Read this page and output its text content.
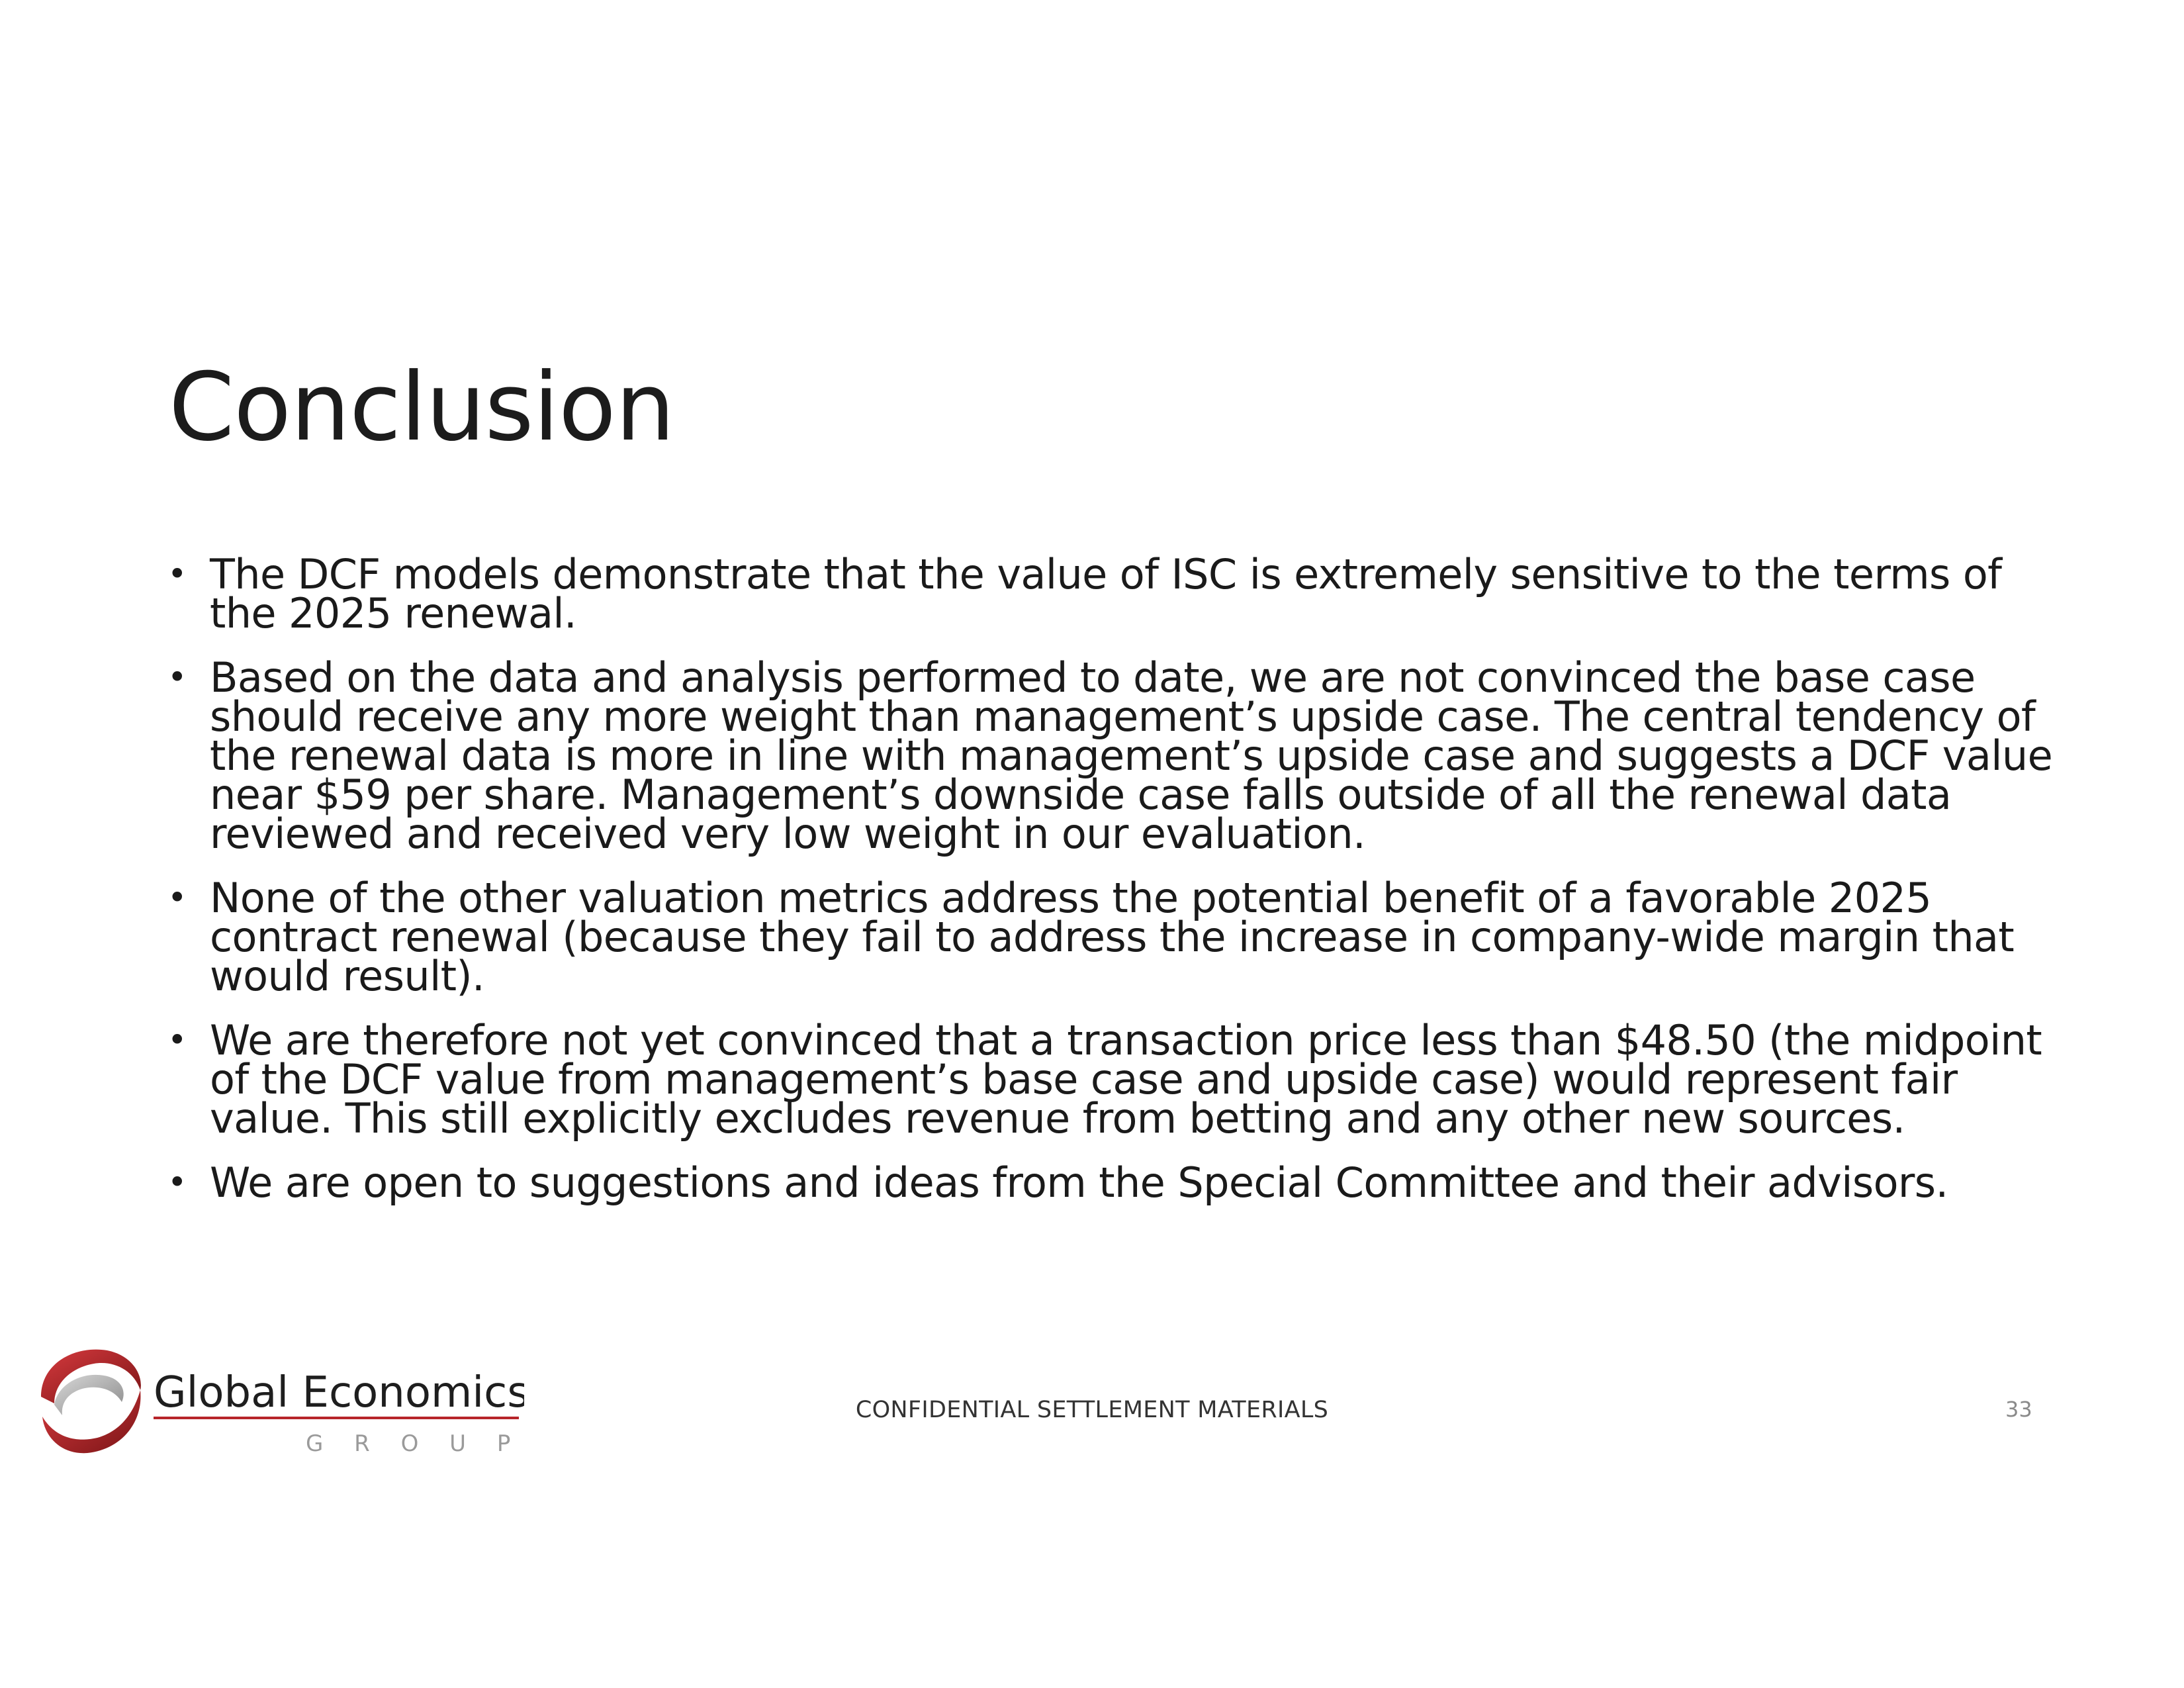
Conclusion
• The DCF models demonstrate that the value of ISC is extremely sensitive to the terms of the 2025 renewal.
• Based on the data and analysis performed to date, we are not convinced the base case should receive any more weight than management’s upside case. The central tendency of the renewal data is more in line with management’s upside case and suggests a DCF value near $59 per share. Management’s downside case falls outside of all the renewal data reviewed and received very low weight in our evaluation.
• None of the other valuation metrics address the potential benefit of a favorable 2025 contract renewal (because they fail to address the increase in company-wide margin that would result).
• We are therefore not yet convinced that a transaction price less than $48.50 (the midpoint of the DCF value from management’s base case and upside case) would represent fair value. This still explicitly excludes revenue from betting and any other new sources.
• We are open to suggestions and ideas from the Special Committee and their advisors.
Global Economics
G R O U P
CONFIDENTIAL SETTLEMENT MATERIALS	33
